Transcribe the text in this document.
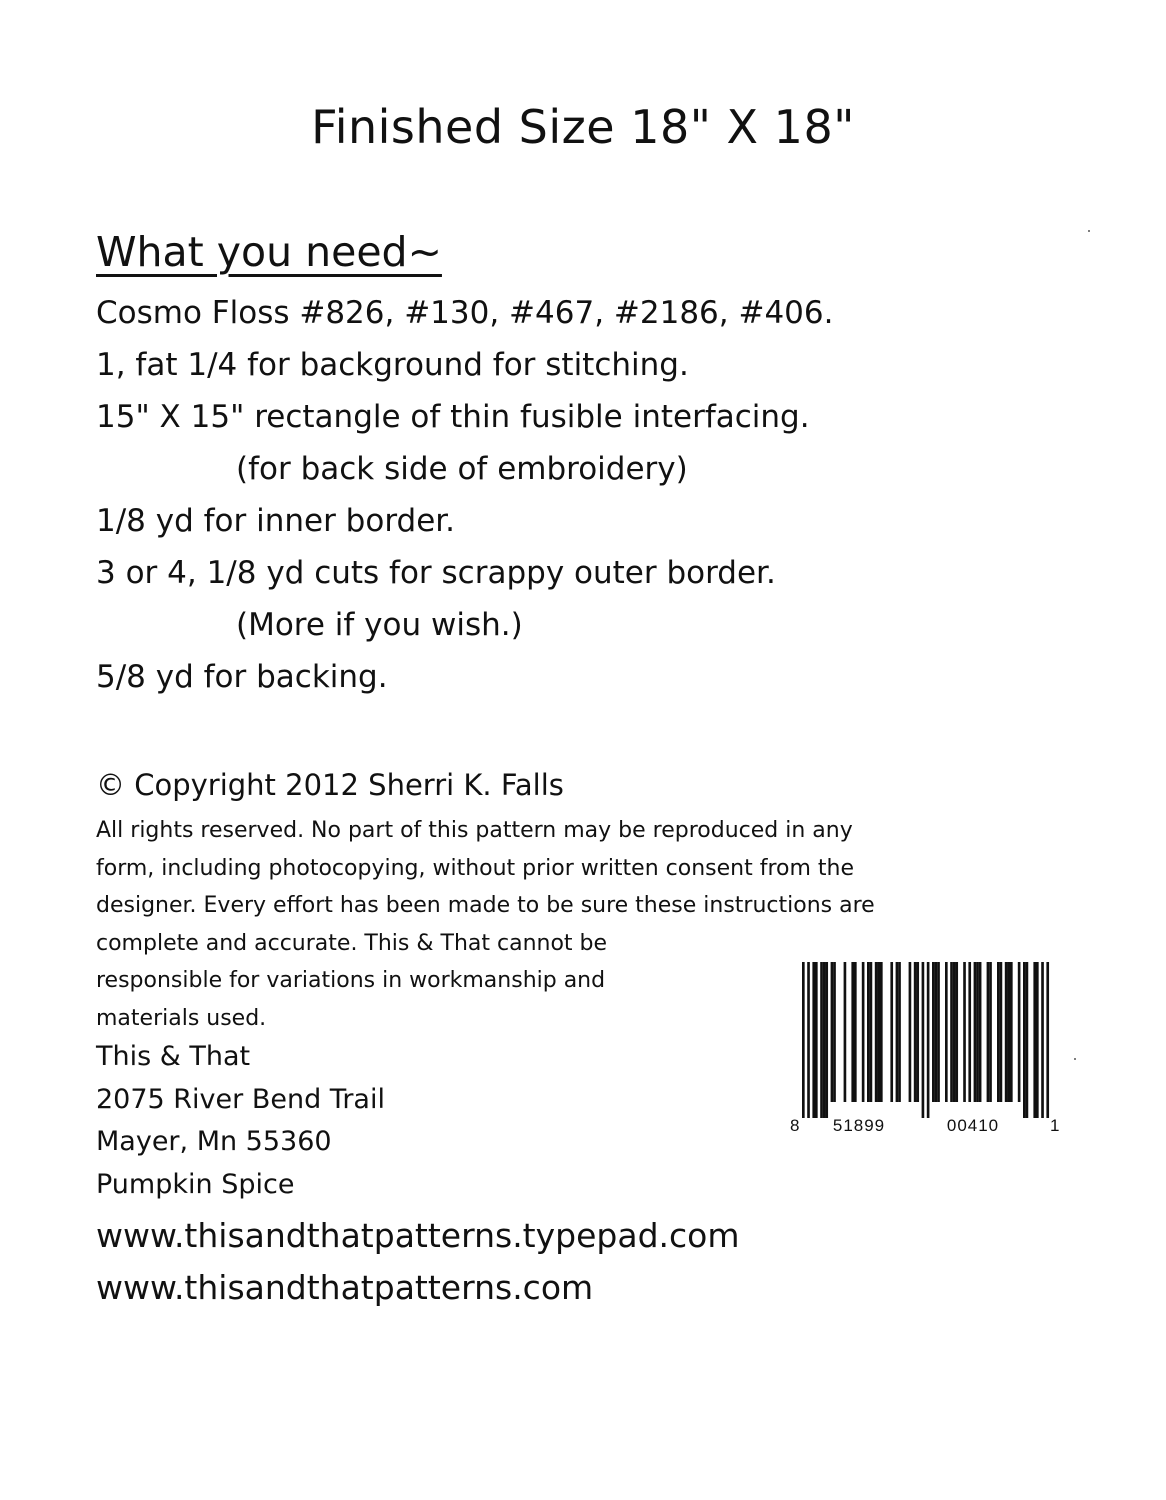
Finished Size 18" X 18"
What you need~
Cosmo Floss #826, #130, #467, #2186, #406.
1, fat 1/4 for background for stitching.
15" X 15" rectangle of thin fusible interfacing.
(for back side of embroidery)
1/8 yd for inner border.
3 or 4, 1/8 yd cuts for scrappy outer border.
(More if you wish.)
5/8 yd for backing.
© Copyright 2012 Sherri K. Falls
All rights reserved. No part of this pattern may be reproduced in any
form, including photocopying, without prior written consent from the
designer. Every effort has been made to be sure these instructions are
complete and accurate. This & That cannot be
responsible for variations in workmanship and
materials used.
This & That
2075 River Bend Trail
Mayer, Mn 55360
Pumpkin Spice
www.thisandthatpatterns.typepad.com
www.thisandthatpatterns.com
8 51899	00410	1
